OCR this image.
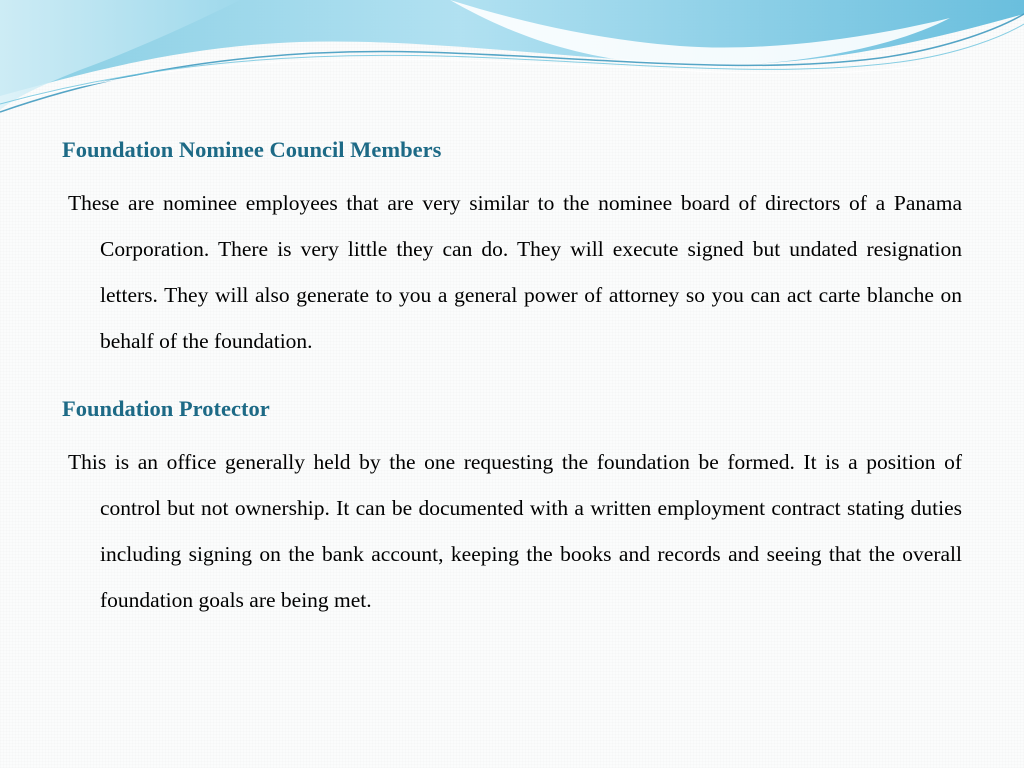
Foundation Nominee Council Members

These are nominee employees that are very similar to the nominee board of directors of a Panama Corporation. There is very little they can do. They will execute signed but undated resignation letters. They will also generate to you a general power of attorney so you can act carte blanche on behalf of the foundation.

Foundation Protector

This is an office generally held by the one requesting the foundation be formed. It is a position of control but not ownership. It can be documented with a written employment contract stating duties including signing on the bank account, keeping the books and records and seeing that the overall foundation goals are being met.
